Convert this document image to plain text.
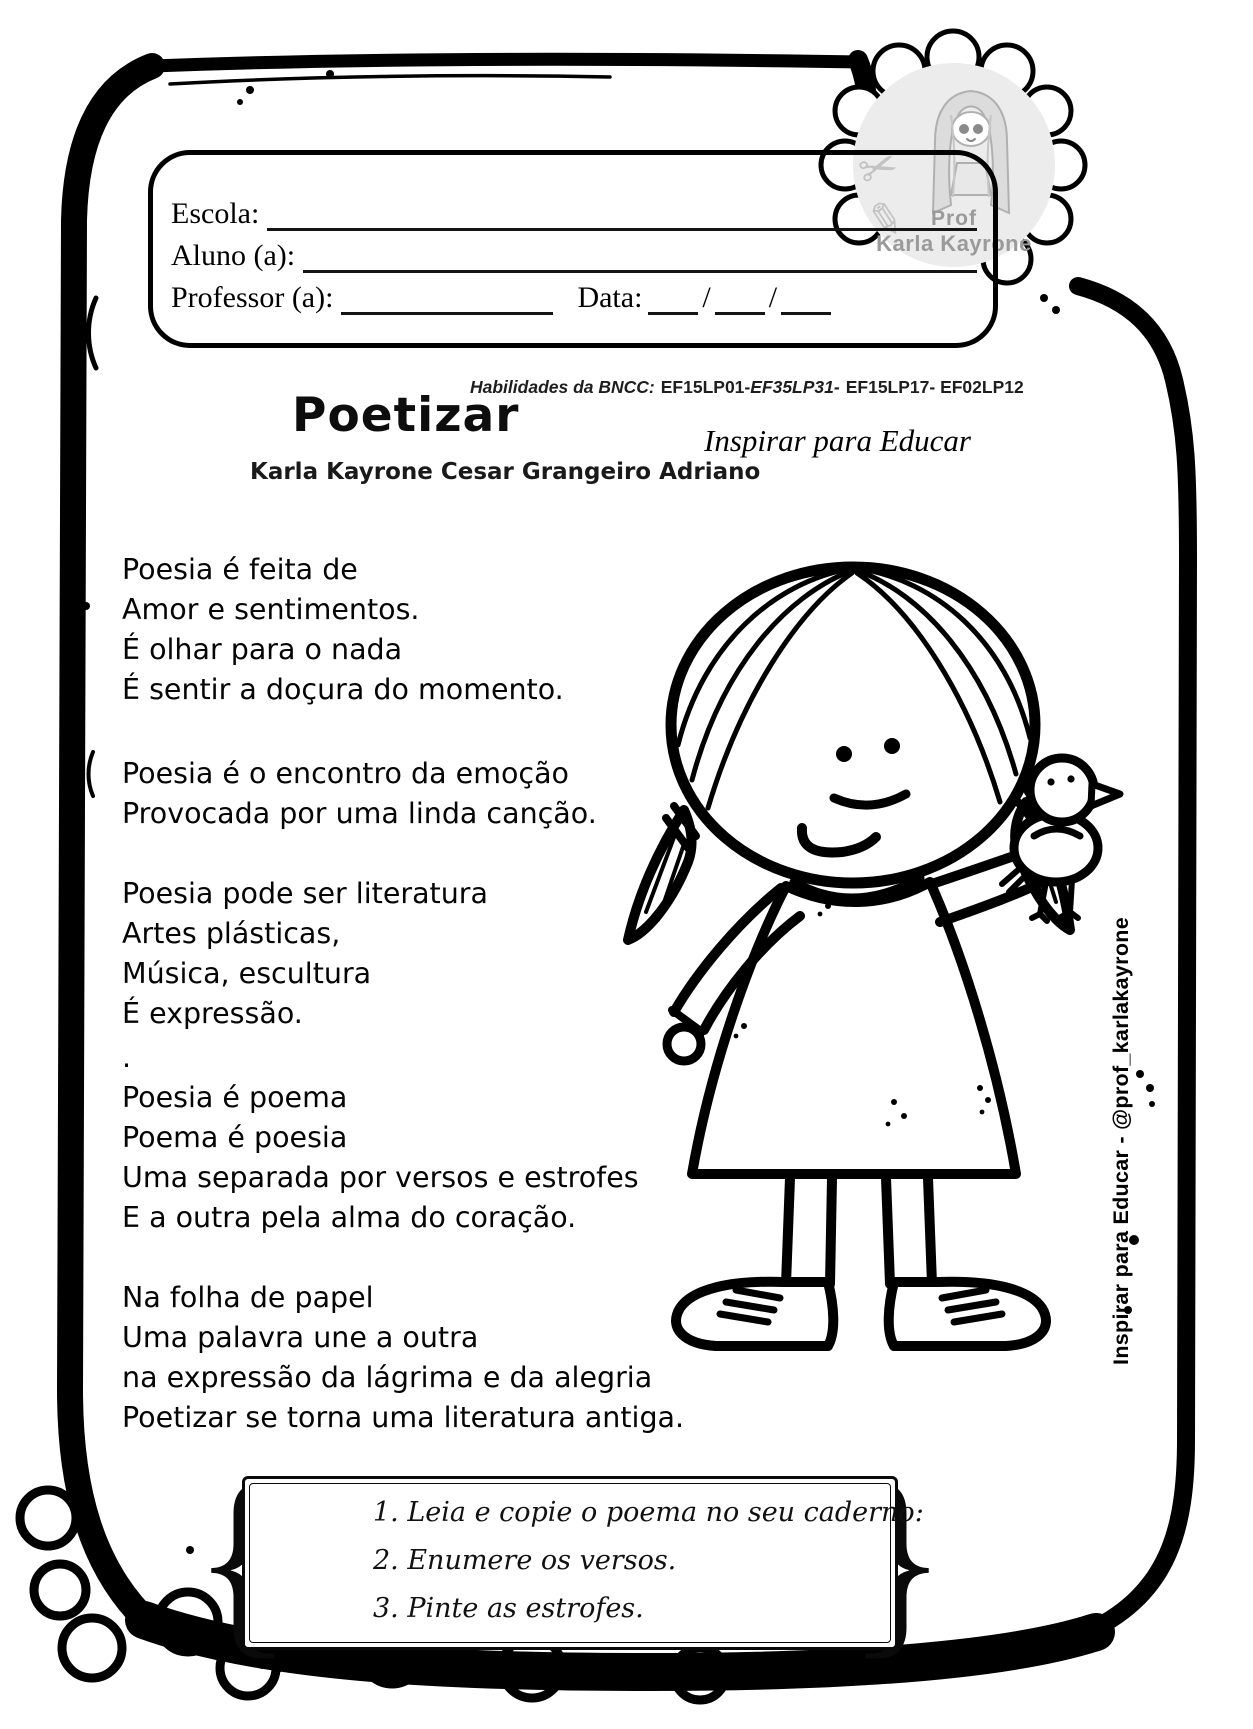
✂
✎	Prof
Karla Kayrone
Escola:
Aluno (a):
Professor (a):	Data: / /
Inspirar para Educar
Habilidades da BNCC: EF15LP01-EF35LP31- EF15LP17- EF02LP12
Poetizar
Karla Kayrone Cesar Grangeiro Adriano
Poesia é feita de
Amor e sentimentos.
É olhar para o nada
É sentir a doçura do momento.
Poesia é o encontro da emoção
Provocada por uma linda canção.
Poesia pode ser literatura
Artes plásticas,
Música, escultura
É expressão.
.
Poesia é poema
Poema é poesia
Uma separada por versos e estrofes
E a outra pela alma do coração.
Na folha de papel
Uma palavra une a outra
na expressão da lágrima e da alegria
Poetizar se torna uma literatura antiga.
Inspirar para Educar - @prof_karlakayrone
{
}
1. Leia e copie o poema no seu caderno:
2. Enumere os versos.
3. Pinte as estrofes.
